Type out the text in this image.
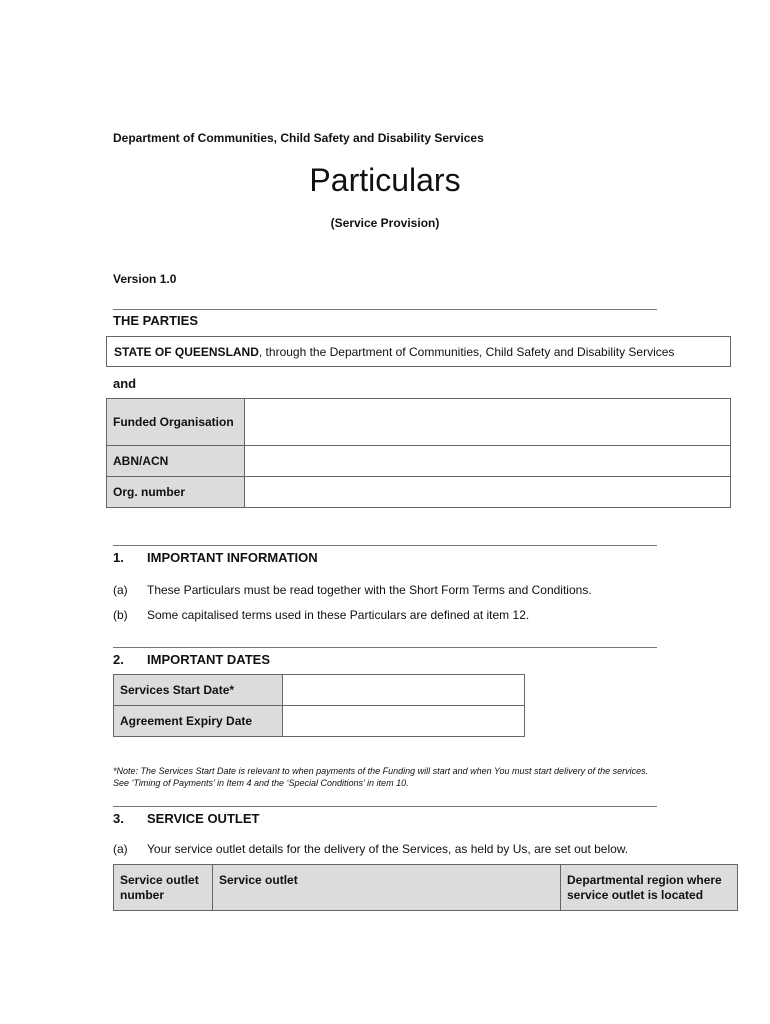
Department of Communities, Child Safety and Disability Services
Particulars
(Service Provision)
Version 1.0
THE PARTIES
STATE OF QUEENSLAND, through the Department of Communities, Child Safety and Disability Services
and
Funded Organisation	
ABN/ACN	
Org. number	
1. IMPORTANT INFORMATION
(a) These Particulars must be read together with the Short Form Terms and Conditions.
(b) Some capitalised terms used in these Particulars are defined at item 12.
2. IMPORTANT DATES
Services Start Date*	
Agreement Expiry Date	
*Note: The Services Start Date is relevant to when payments of the Funding will start and when You must start delivery of the services. See ‘Timing of Payments’ in Item 4 and the ‘Special Conditions’ in item 10.
3. SERVICE OUTLET
(a) Your service outlet details for the delivery of the Services, as held by Us, are set out below.
Service outlet number	Service outlet	Departmental region where service outlet is located
